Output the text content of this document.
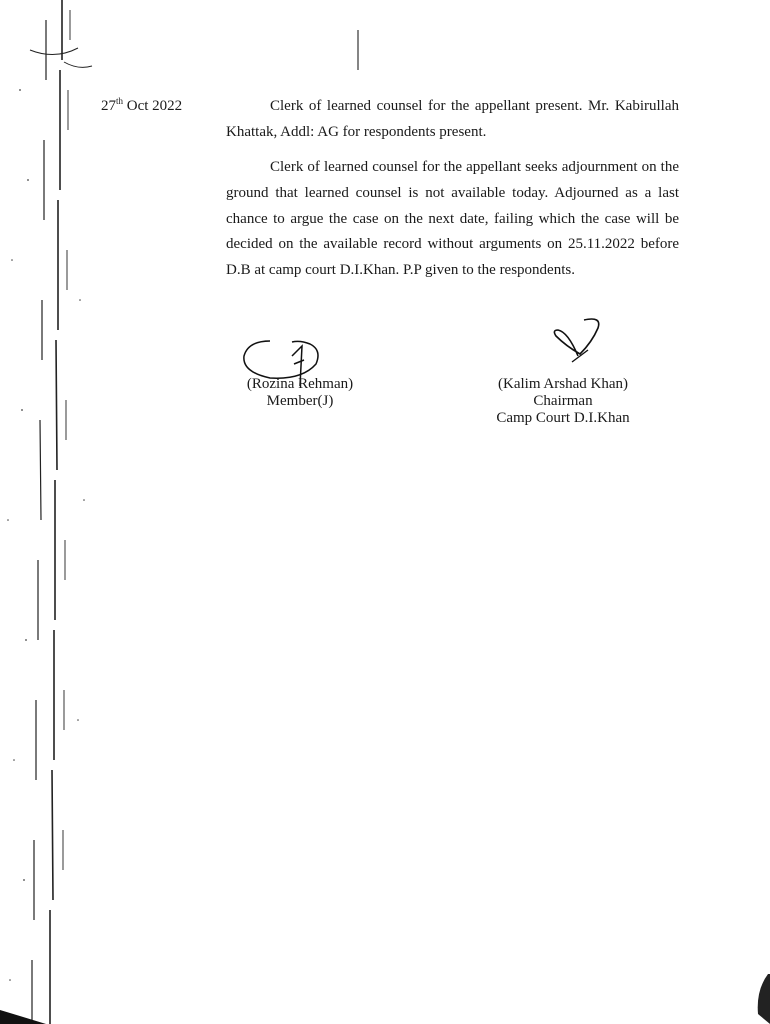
27th Oct 2022	Clerk of learned counsel for the appellant present. Mr. Kabirullah Khattak, Addl: AG for respondents present.
Clerk of learned counsel for the appellant seeks adjournment on the ground that learned counsel is not available today. Adjourned as a last chance to argue the case on the next date, failing which the case will be decided on the available record without arguments on 25.11.2022 before D.B at camp court D.I.Khan. P.P given to the respondents.
(Rozina Rehman)
Member(J)
(Kalim Arshad Khan)
Chairman
Camp Court D.I.Khan
